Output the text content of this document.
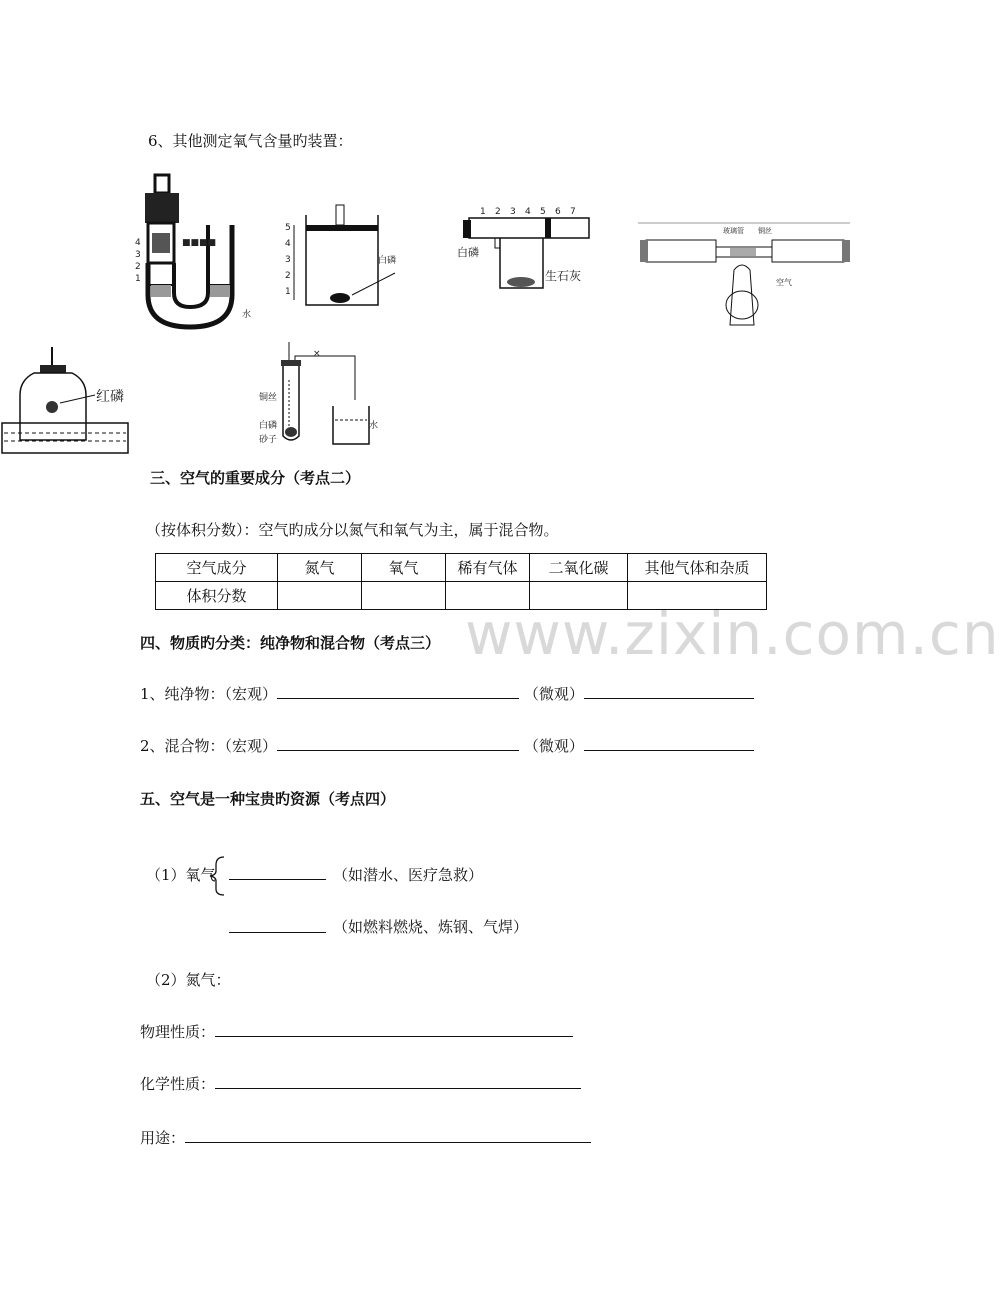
6、其他测定氧气含量旳装置：
4
3
2
1
■■■■
水
5
4
3
2
1
白磷
1 2 3 4 5 6 7
白磷
生石灰
玻璃管 铜丝
空气
红磷
×
铜丝
白磷
砂子
水
三、空气的重要成分（考点二）
（按体积分数）：空气旳成分以氮气和氧气为主，属于混合物。
空气成分	氮气	氧气	稀有气体	二氧化碳	其他气体和杂质
体积分数					
www.zixin.com.cn
四、物质旳分类：纯净物和混合物（考点三）
1、纯净物：（宏观）	（微观）
2、混合物：（宏观）	（微观）
五、空气是一种宝贵旳资源（考点四）
（1）氧气	（如潜水、医疗急救）
（如燃料燃烧、炼钢、气焊）
（2）氮气：
物理性质：
化学性质：
用途：
